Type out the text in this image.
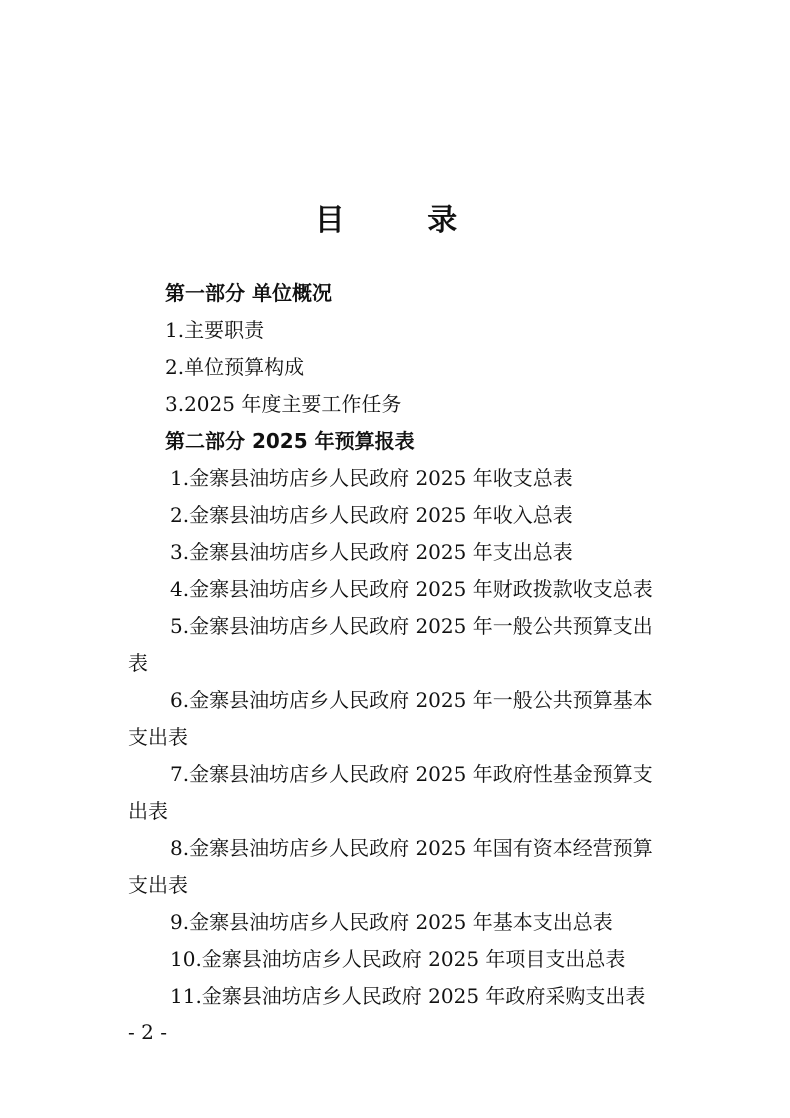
目 录
第一部分 单位概况
1.主要职责
2.单位预算构成
3.2025 年度主要工作任务
第二部分 2025 年预算报表
1.金寨县油坊店乡人民政府 2025 年收支总表
2.金寨县油坊店乡人民政府 2025 年收入总表
3.金寨县油坊店乡人民政府 2025 年支出总表
4.金寨县油坊店乡人民政府 2025 年财政拨款收支总表
5.金寨县油坊店乡人民政府 2025 年一般公共预算支出
表
6.金寨县油坊店乡人民政府 2025 年一般公共预算基本
支出表
7.金寨县油坊店乡人民政府 2025 年政府性基金预算支
出表
8.金寨县油坊店乡人民政府 2025 年国有资本经营预算
支出表
9.金寨县油坊店乡人民政府 2025 年基本支出总表
10.金寨县油坊店乡人民政府 2025 年项目支出总表
11.金寨县油坊店乡人民政府 2025 年政府采购支出表
- 2 -
